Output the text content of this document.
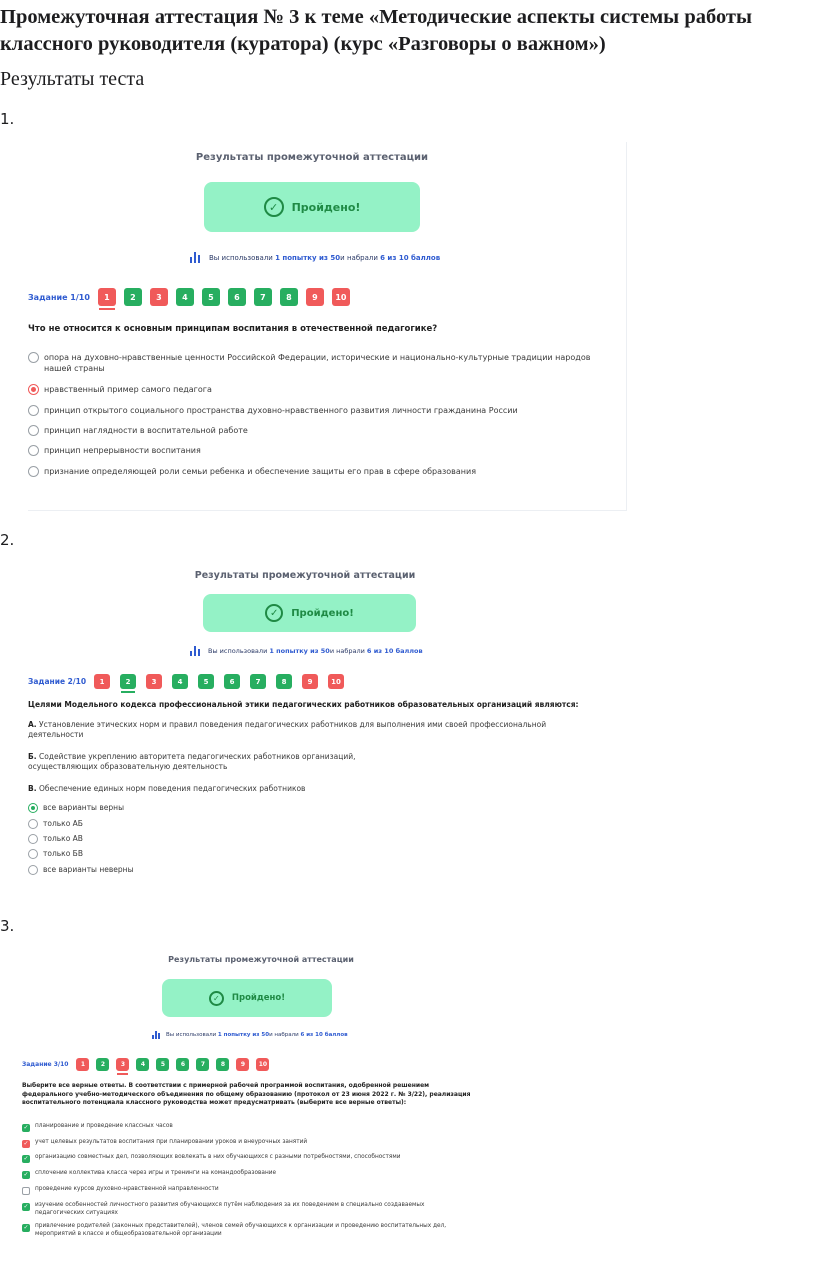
Промежуточная аттестация № 3 к теме «Методические аспекты системы работы классного руководителя (куратора) (курс «Разговоры о важном»)

Результаты теста

1.
2.
3.
Результаты промежуточной аттестации
✓	Пройдено!
Вы использовали
1 попытку из 50 и набрали
6 из 10 баллов
Задание 1/10	1	2	3	4	5	6	7	8	9	10
Что не относится к основным принципам воспитания в отечественной педагогике?
опора на духовно-нравственные ценности Российской Федерации, исторические и национально-культурные традиции народов нашей страны
нравственный пример самого педагога
принцип открытого социального пространства духовно-нравственного развития личности гражданина России
принцип наглядности в воспитательной работе
принцип непрерывности воспитания
признание определяющей роли семьи ребенка и обеспечение защиты его прав в сфере образования
Результаты промежуточной аттестации
✓	Пройдено!
Вы использовали
1 попытку из 50 и набрали
6 из 10 баллов
Задание 2/10	1	2	3	4	5	6	7	8	9	10
Целями Модельного кодекса профессиональной этики педагогических работников образовательных организаций являются:
А. Установление этических норм и правил поведения педагогических работников для выполнения ими своей профессиональной деятельности
Б. Содействие укреплению авторитета педагогических работников организаций, осуществляющих образовательную деятельность
В. Обеспечение единых норм поведения педагогических работников
все варианты верны
только АБ
только АВ
только БВ
все варианты неверны
Результаты промежуточной аттестации
✓	Пройдено!
Вы использовали
1 попытку из 50 и набрали
6 из 10 баллов
Задание 3/10	1	2	3	4	5	6	7	8	9	10
Выберите все верные ответы. В соответствии с примерной рабочей программой воспитания, одобренной решением федерального учебно-методического объединения по общему образованию (протокол от 23 июня 2022 г. № 3/22), реализация воспитательного потенциала классного руководства может предусматривать (выберите все верные ответы):
✓ планирование и проведение классных часов
✓ учет целевых результатов воспитания при планировании уроков и внеурочных занятий
✓ организацию совместных дел, позволяющих вовлекать в них обучающихся с разными потребностями, способностями
✓ сплочение коллектива класса через игры и тренинги на командообразование
проведение курсов духовно-нравственной направленности
✓ изучение особенностей личностного развития обучающихся путём наблюдения за их поведением в специально создаваемых педагогических ситуациях
✓ привлечение родителей (законных представителей), членов семей обучающихся к организации и проведению воспитательных дел, мероприятий в классе и общеобразовательной организации
